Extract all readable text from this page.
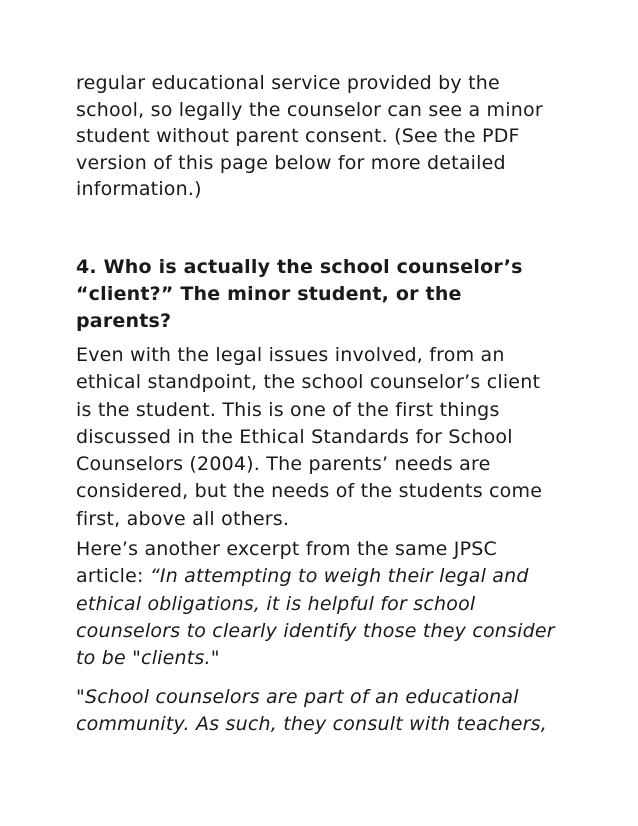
regular educational service provided by the school, so legally the counselor can see a minor student without parent consent. (See the PDF version of this page below for more detailed information.)

4. Who is actually the school counselor’s “client?” The minor student, or the parents?

Even with the legal issues involved, from an ethical standpoint, the school counselor’s client is the student. This is one of the first things discussed in the Ethical Standards for School Counselors (2004). The parents’ needs are considered, but the needs of the students come first, above all others.

Here’s another excerpt from the same JPSC article: “In attempting to weigh their legal and ethical obligations, it is helpful for school counselors to clearly identify those they consider to be "clients."

"School counselors are part of an educational community. As such, they consult with teachers,
